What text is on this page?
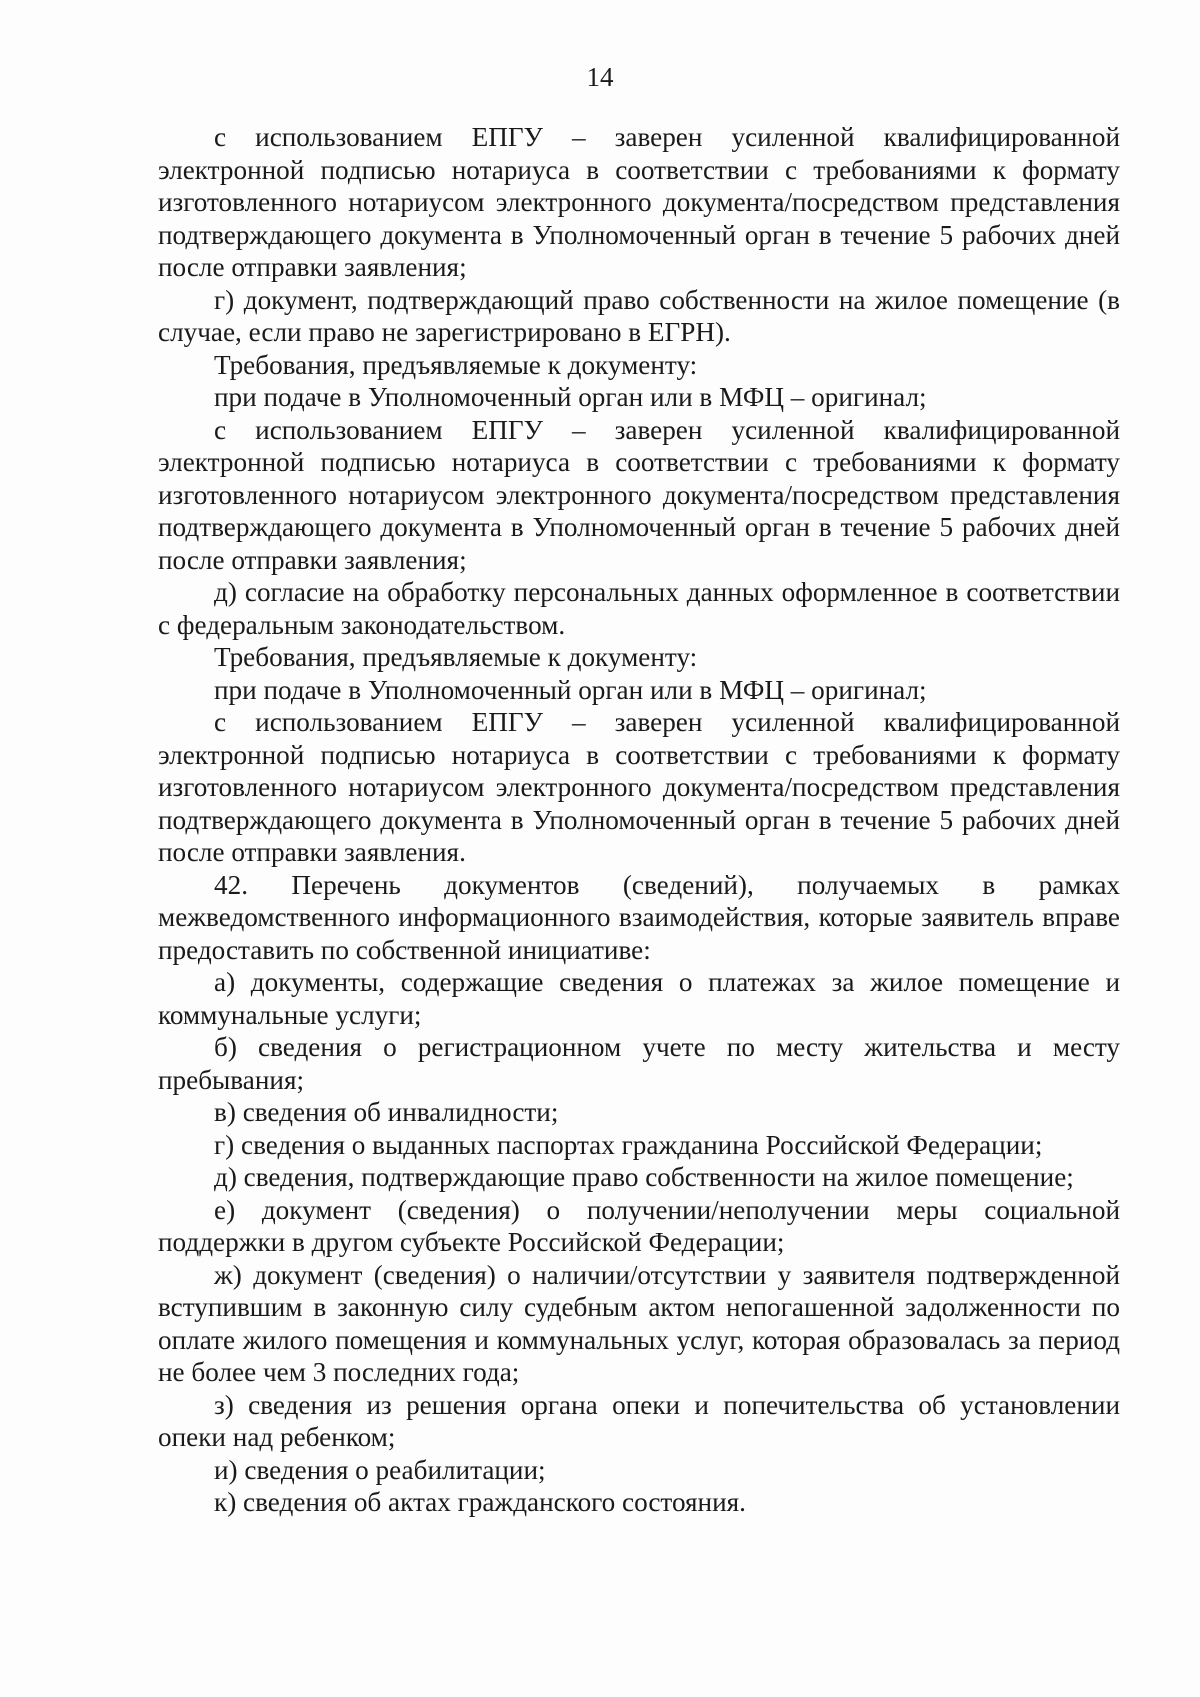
14

с использованием ЕПГУ – заверен усиленной квалифицированной электронной подписью нотариуса в соответствии с требованиями к формату изготовленного нотариусом электронного документа/посредством представления подтверждающего документа в Уполномоченный орган в течение 5 рабочих дней после отправки заявления;

г) документ, подтверждающий право собственности на жилое помещение (в случае, если право не зарегистрировано в ЕГРН).

Требования, предъявляемые к документу:

при подаче в Уполномоченный орган или в МФЦ – оригинал;

с использованием ЕПГУ – заверен усиленной квалифицированной электронной подписью нотариуса в соответствии с требованиями к формату изготовленного нотариусом электронного документа/посредством представления подтверждающего документа в Уполномоченный орган в течение 5 рабочих дней после отправки заявления;

д) согласие на обработку персональных данных оформленное в соответствии с федеральным законодательством.

Требования, предъявляемые к документу:

при подаче в Уполномоченный орган или в МФЦ – оригинал;

с использованием ЕПГУ – заверен усиленной квалифицированной электронной подписью нотариуса в соответствии с требованиями к формату изготовленного нотариусом электронного документа/посредством представления подтверждающего документа в Уполномоченный орган в течение 5 рабочих дней после отправки заявления.

42. Перечень документов (сведений), получаемых в рамках межведомственного информационного взаимодействия, которые заявитель вправе предоставить по собственной инициативе:

а) документы, содержащие сведения о платежах за жилое помещение и коммунальные услуги;

б) сведения о регистрационном учете по месту жительства и месту пребывания;

в) сведения об инвалидности;

г) сведения о выданных паспортах гражданина Российской Федерации;

д) сведения, подтверждающие право собственности на жилое помещение;

е) документ (сведения) о получении/неполучении меры социальной поддержки в другом субъекте Российской Федерации;

ж) документ (сведения) о наличии/отсутствии у заявителя подтвержденной вступившим в законную силу судебным актом непогашенной задолженности по оплате жилого помещения и коммунальных услуг, которая образовалась за период не более чем 3 последних года;

з) сведения из решения органа опеки и попечительства об установлении опеки над ребенком;

и) сведения о реабилитации;

к) сведения об актах гражданского состояния.
